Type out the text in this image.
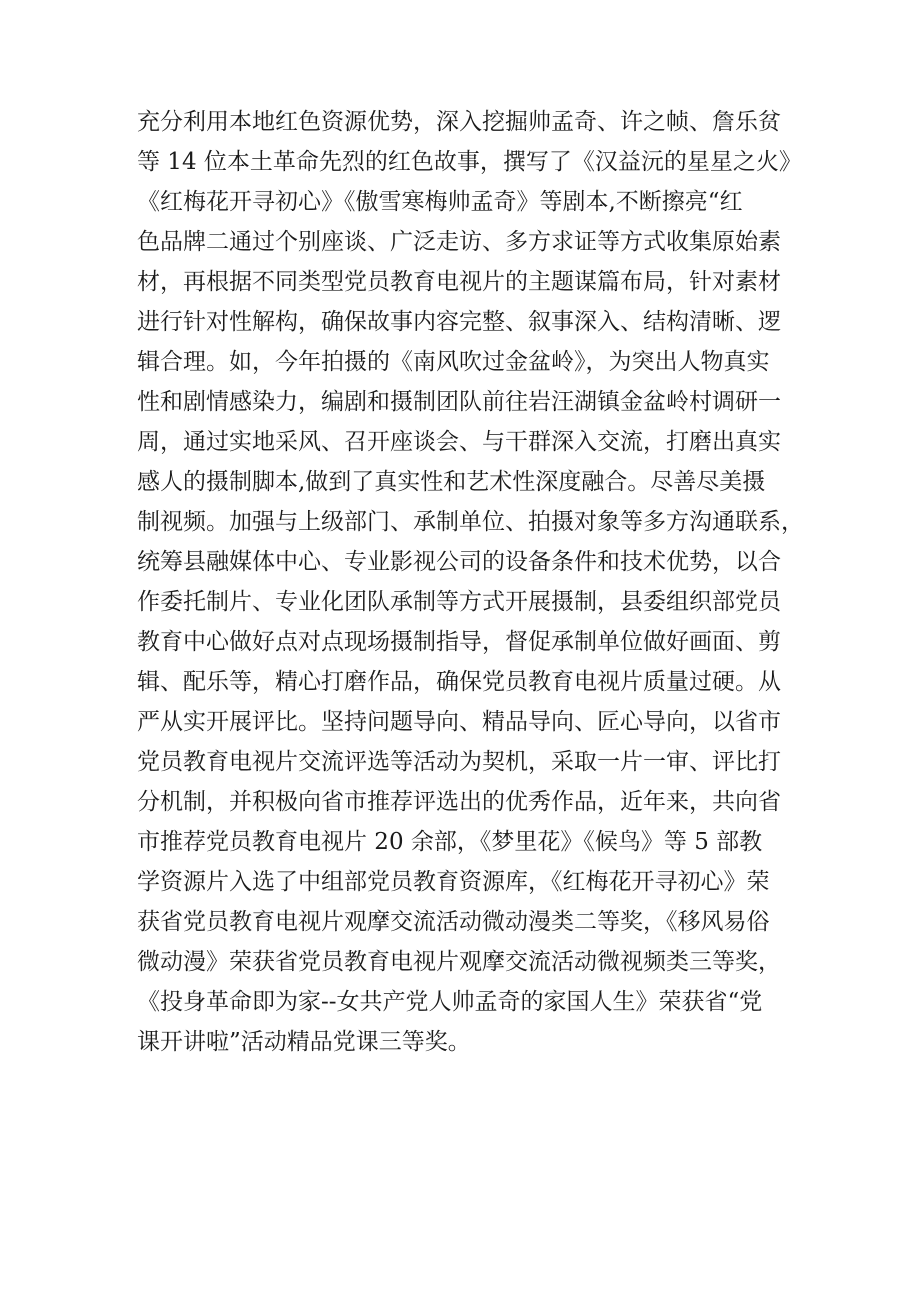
充分利用本地红色资源优势，深入挖掘帅孟奇、许之帧、詹乐贫
等 14 位本土革命先烈的红色故事，撰写了《汉益沅的星星之火》
《红梅花开寻初心》《傲雪寒梅帅孟奇》等剧本,不断擦亮“红
色品牌二通过个别座谈、广泛走访、多方求证等方式收集原始素
材，再根据不同类型党员教育电视片的主题谋篇布局，针对素材
进行针对性解构，确保故事内容完整、叙事深入、结构清晰、逻
辑合理。如，今年拍摄的《南风吹过金盆岭》，为突出人物真实
性和剧情感染力，编剧和摄制团队前往岩汪湖镇金盆岭村调研一
周，通过实地采风、召开座谈会、与干群深入交流，打磨出真实
感人的摄制脚本,做到了真实性和艺术性深度融合。尽善尽美摄
制视频。加强与上级部门、承制单位、拍摄对象等多方沟通联系，
统筹县融媒体中心、专业影视公司的设备条件和技术优势，以合
作委托制片、专业化团队承制等方式开展摄制，县委组织部党员
教育中心做好点对点现场摄制指导，督促承制单位做好画面、剪
辑、配乐等，精心打磨作品，确保党员教育电视片质量过硬。从
严从实开展评比。坚持问题导向、精品导向、匠心导向，以省市
党员教育电视片交流评选等活动为契机，采取一片一审、评比打
分机制，并积极向省市推荐评选出的优秀作品，近年来，共向省
市推荐党员教育电视片 20 余部，《梦里花》《候鸟》等 5 部教
学资源片入选了中组部党员教育资源库，《红梅花开寻初心》荣
获省党员教育电视片观摩交流活动微动漫类二等奖，《移风易俗
微动漫》荣获省党员教育电视片观摩交流活动微视频类三等奖，
《投身革命即为家--女共产党人帅孟奇的家国人生》荣获省“党
课开讲啦”活动精品党课三等奖。
